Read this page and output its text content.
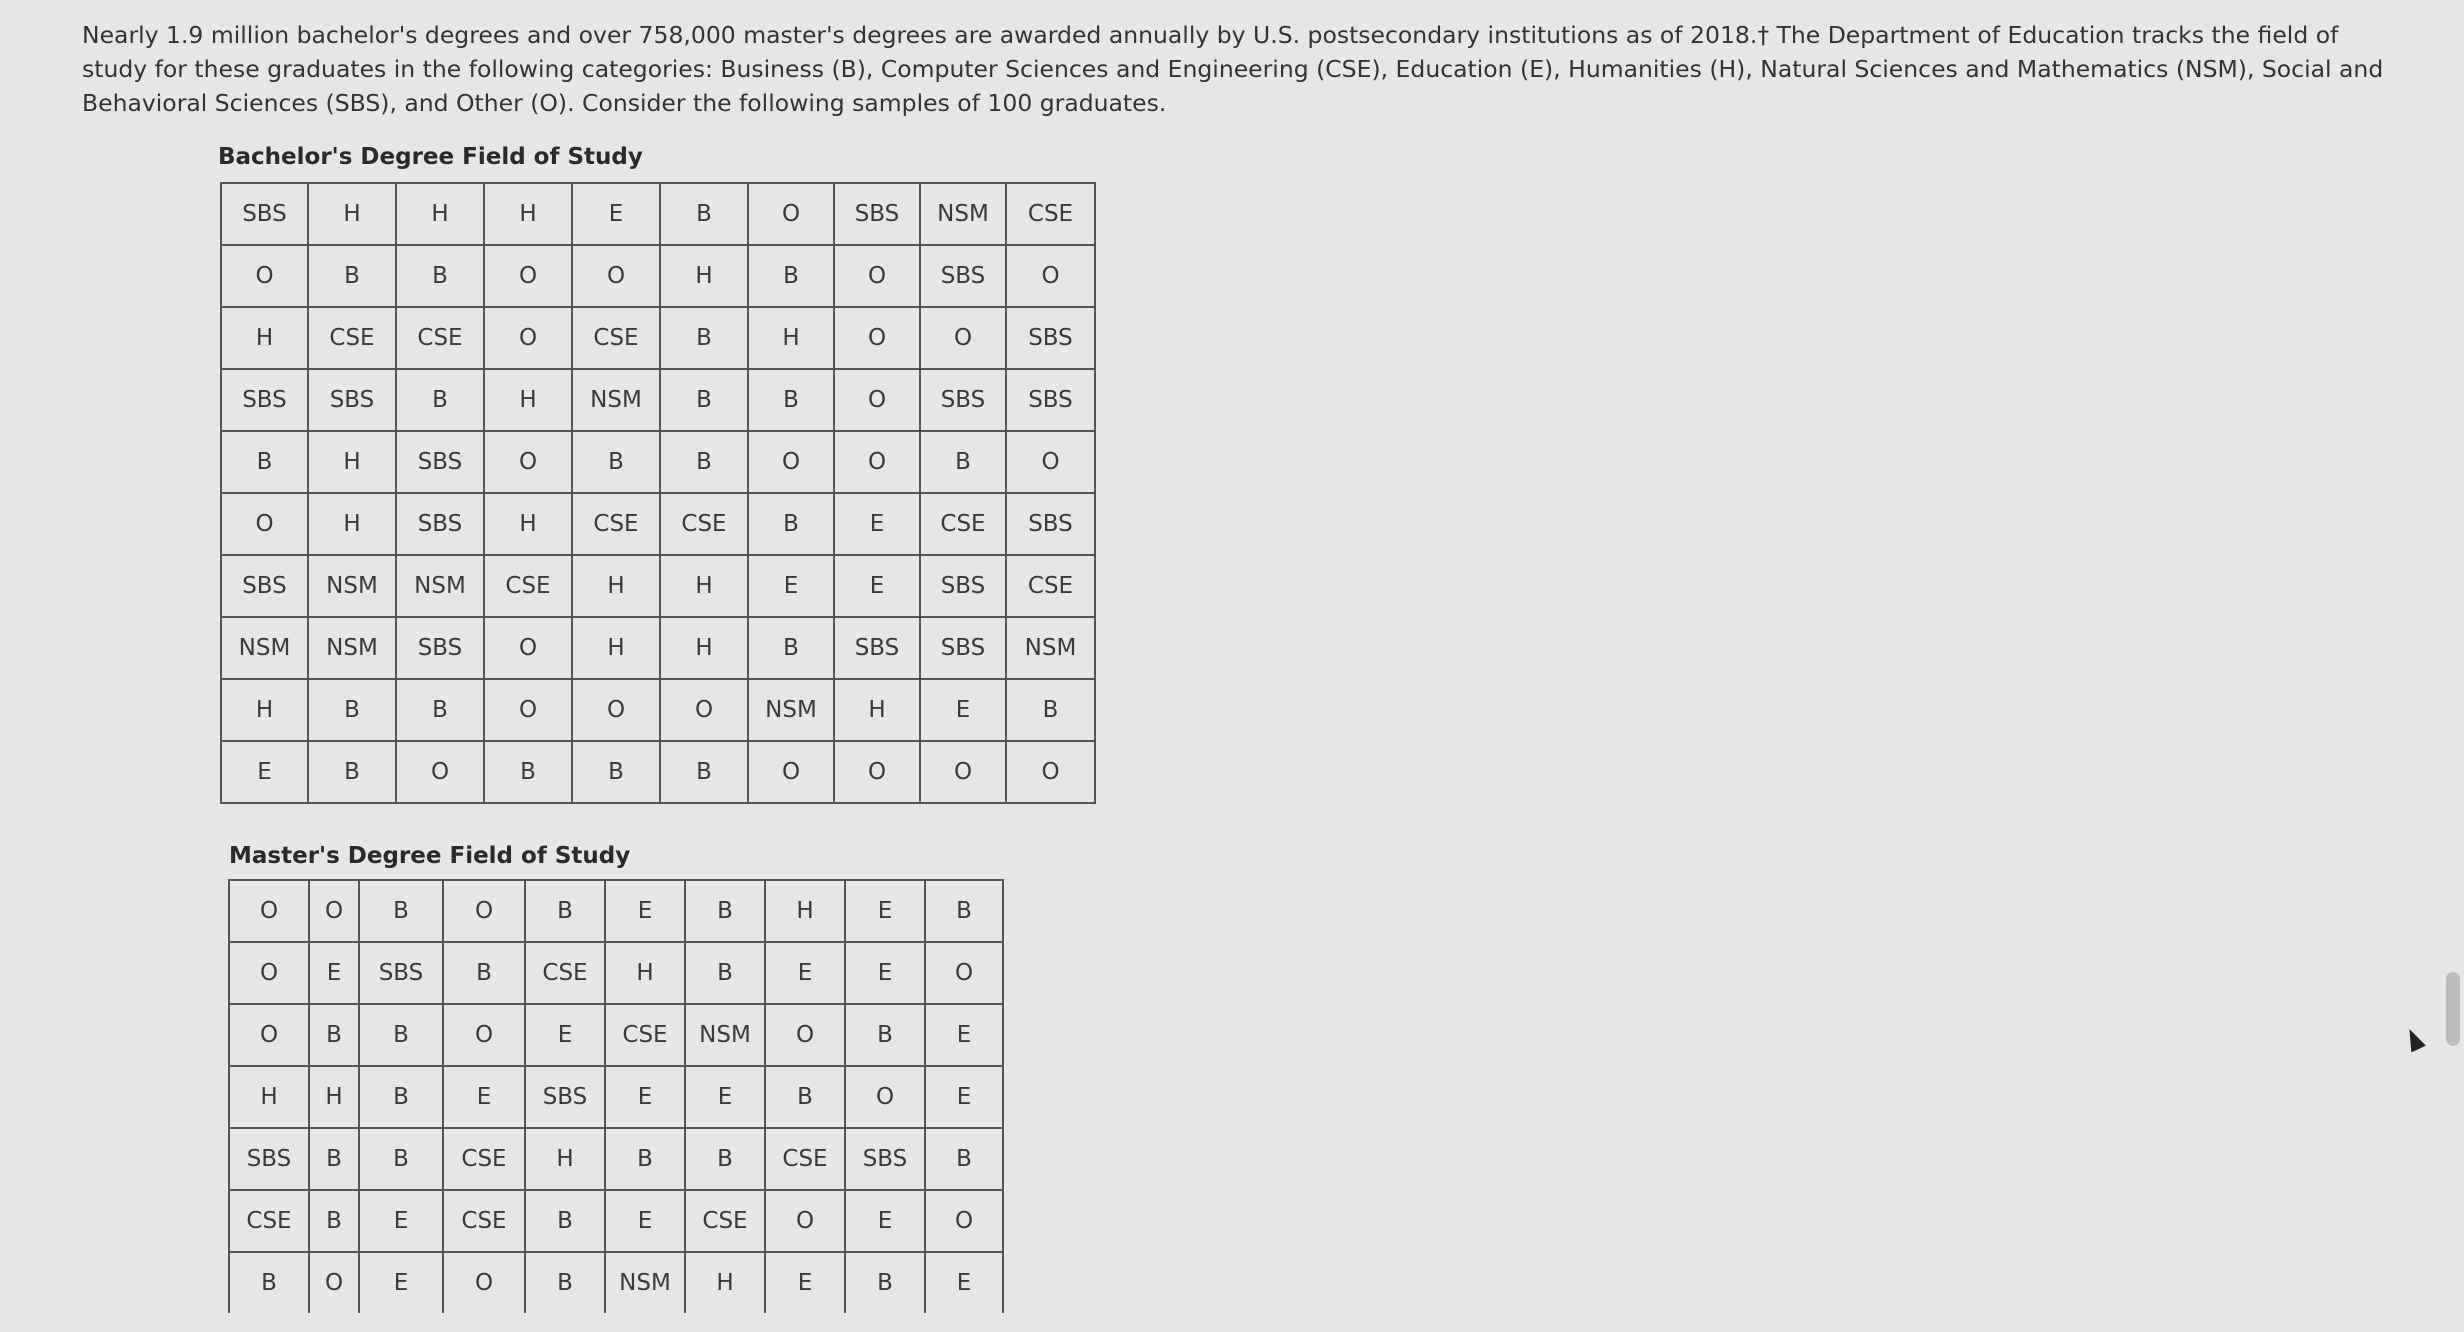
Nearly 1.9 million bachelor's degrees and over 758,000 master's degrees are awarded annually by U.S. postsecondary institutions as of 2018.† The Department of Education tracks the field of study for these graduates in the following categories: Business (B), Computer Sciences and Engineering (CSE), Education (E), Humanities (H), Natural Sciences and Mathematics (NSM), Social and Behavioral Sciences (SBS), and Other (O). Consider the following samples of 100 graduates.

Bachelor's Degree Field of Study
SBS	H	H	H	E	B	O	SBS	NSM	CSE
O	B	B	O	O	H	B	O	SBS	O
H	CSE	CSE	O	CSE	B	H	O	O	SBS
SBS	SBS	B	H	NSM	B	B	O	SBS	SBS
B	H	SBS	O	B	B	O	O	B	O
O	H	SBS	H	CSE	CSE	B	E	CSE	SBS
SBS	NSM	NSM	CSE	H	H	E	E	SBS	CSE
NSM	NSM	SBS	O	H	H	B	SBS	SBS	NSM
H	B	B	O	O	O	NSM	H	E	B
E	B	O	B	B	B	O	O	O	O
Master's Degree Field of Study
O	O	B	O	B	E	B	H	E	B
O	E	SBS	B	CSE	H	B	E	E	O
O	B	B	O	E	CSE	NSM	O	B	E
H	H	B	E	SBS	E	E	B	O	E
SBS	B	B	CSE	H	B	B	CSE	SBS	B
CSE	B	E	CSE	B	E	CSE	O	E	O
B	O	E	O	B	NSM	H	E	B	E
